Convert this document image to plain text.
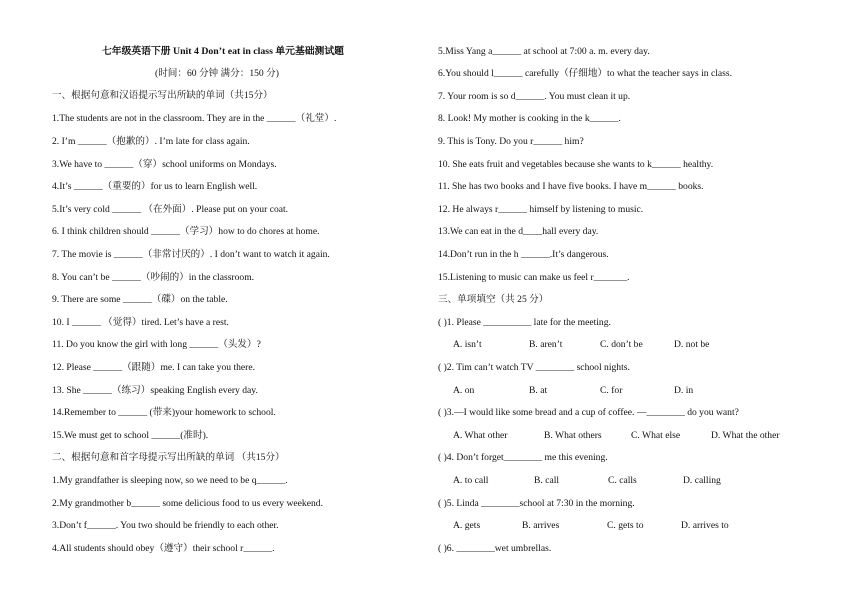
七年级英语下册 Unit 4 Don’t eat in class 单元基础测试题
(时间：60 分钟 满分：150 分)
一、根据句意和汉语提示写出所缺的单词（共15分）
1.The students are not in the classroom. They are in the ______（礼堂）.
2. I’m ______（抱歉的）. I’m late for class again.
3.We have to ______（穿）school uniforms on Mondays.
4.It’s ______（重要的）for us to learn English well.
5.It’s very cold ______ （在外面）. Please put on your coat.
6. I think children should ______（学习）how to do chores at home.
7. The movie is ______（非常讨厌的）. I don’t want to watch it again.
8. You can’t be ______（吵闹的）in the classroom.
9. There are some ______（碟）on the table.
10. I ______ （觉得）tired. Let’s have a rest.
11. Do you know the girl with long ______（头发）?
12. Please ______（跟随）me. I can take you there.
13. She ______（练习）speaking English every day.
14.Remember to ______ (带来)your homework to school.
15.We must get to school ______(准时).
二、根据句意和首字母提示写出所缺的单词 （共15分）
1.My grandfather is sleeping now, so we need to be q______.
2.My grandmother b______ some delicious food to us every weekend.
3.Don’t f______. You two should be friendly to each other.
4.All students should obey（遵守）their school r______.
5.Miss Yang a______ at school at 7:00 a. m. every day.
6.You should l______ carefully（仔细地）to what the teacher says in class.
7. Your room is so d______. You must clean it up.
8. Look! My mother is cooking in the k______.
9. This is Tony. Do you r______ him?
10. She eats fruit and vegetables because she wants to k______ healthy.
11. She has two books and I have five books. I have m______ books.
12. He always r______ himself by listening to music.
13.We can eat in the d____hall every day.
14.Don’t run in the h ______.It’s dangerous.
15.Listening to music can make us feel r_______.
三、单项填空（共 25 分）
( )1. Please __________ late for the meeting.
A. isn’t	B. aren’t	C. don’t be	D. not be
( )2. Tim can’t watch TV ________ school nights.
A. on	B. at	C. for	D. in
( )3.—I would like some bread and a cup of coffee. —________ do you want?
A. What other	B. What others	C. What else	D. What the other
( )4. Don’t forget________ me this evening.
A. to call	B. call	C. calls	D. calling
( )5. Linda ________school at 7:30 in the morning.
A. gets	B. arrives	C. gets to	D. arrives to
( )6. ________wet umbrellas.
